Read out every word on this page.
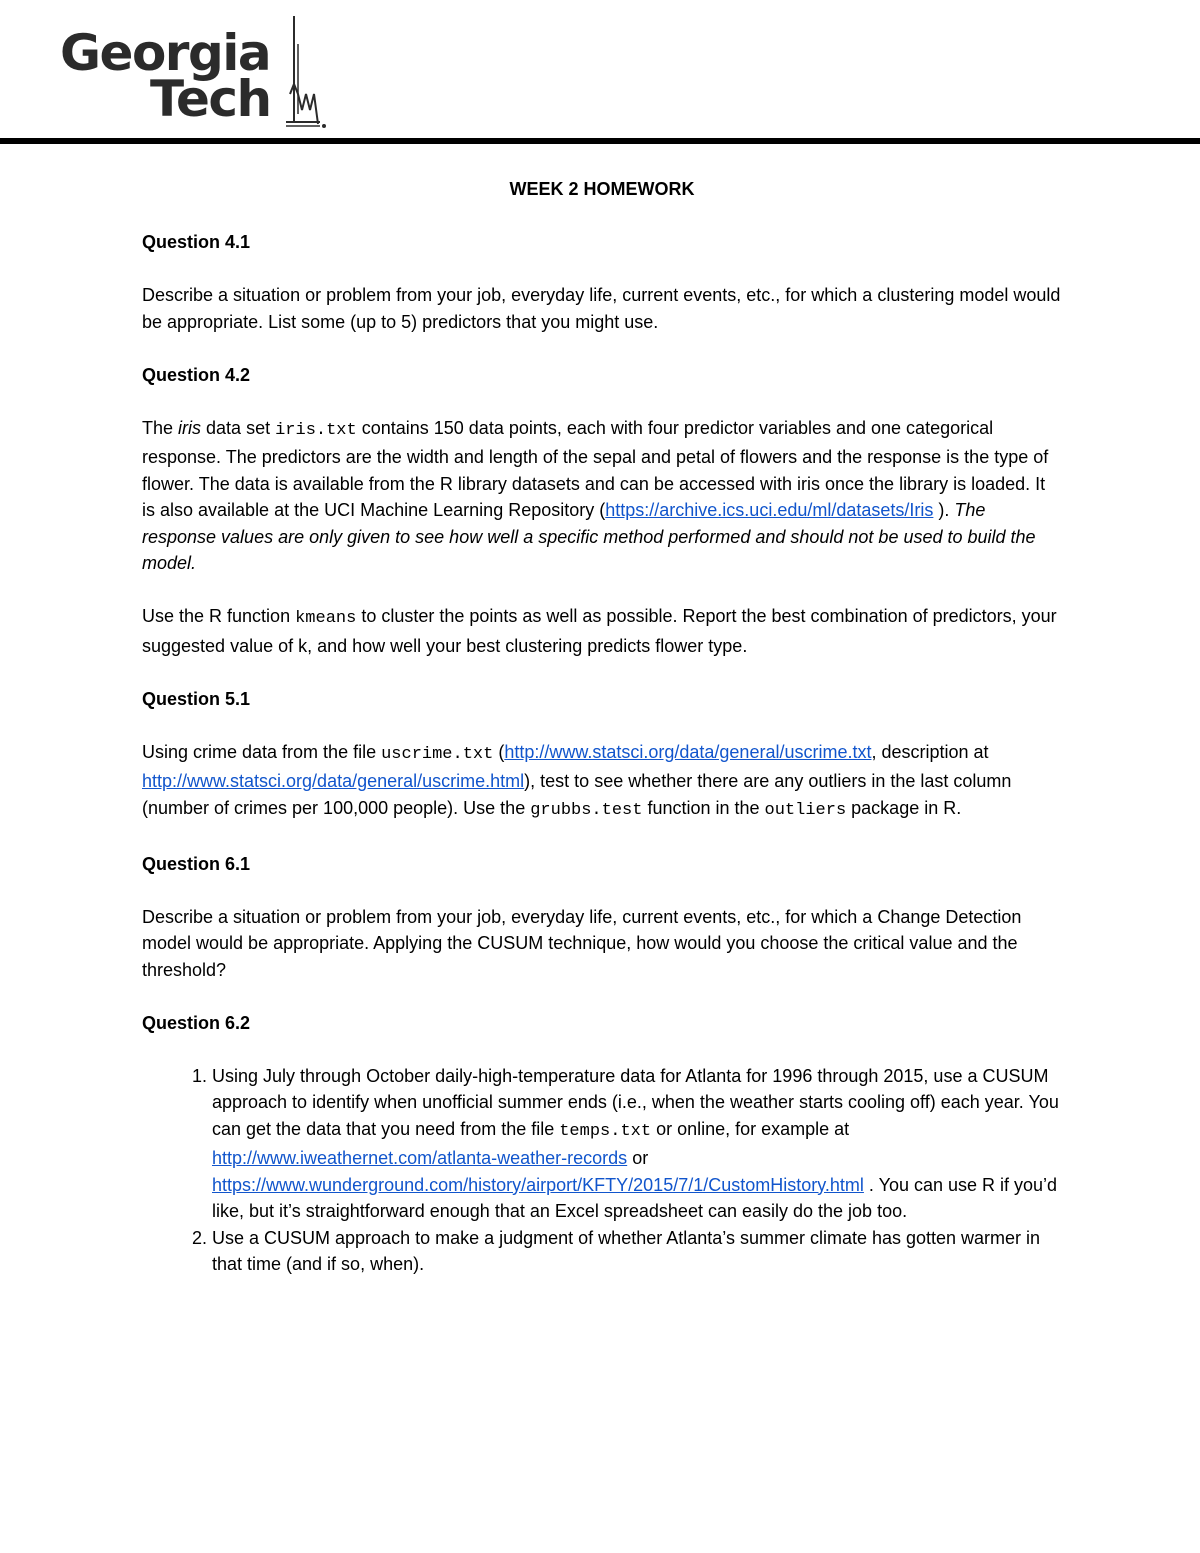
Georgia
Tech

WEEK 2 HOMEWORK

Question 4.1

Describe a situation or problem from your job, everyday life, current events, etc., for which a clustering model would be appropriate. List some (up to 5) predictors that you might use.

Question 4.2

The iris data set iris.txt contains 150 data points, each with four predictor variables and one categorical response. The predictors are the width and length of the sepal and petal of flowers and the response is the type of flower. The data is available from the R library datasets and can be accessed with iris once the library is loaded. It is also available at the UCI Machine Learning Repository (https://archive.ics.uci.edu/ml/datasets/Iris ). The response values are only given to see how well a specific method performed and should not be used to build the model.

Use the R function kmeans to cluster the points as well as possible. Report the best combination of predictors, your suggested value of k, and how well your best clustering predicts flower type.

Question 5.1

Using crime data from the file uscrime.txt (http://www.statsci.org/data/general/uscrime.txt, description at http://www.statsci.org/data/general/uscrime.html), test to see whether there are any outliers in the last column (number of crimes per 100,000 people). Use the grubbs.test function in the outliers package in R.

Question 6.1

Describe a situation or problem from your job, everyday life, current events, etc., for which a Change Detection model would be appropriate. Applying the CUSUM technique, how would you choose the critical value and the threshold?

Question 6.2

1. Using July through October daily-high-temperature data for Atlanta for 1996 through 2015, use a CUSUM approach to identify when unofficial summer ends (i.e., when the weather starts cooling off) each year. You can get the data that you need from the file temps.txt or online, for example at http://www.iweathernet.com/atlanta-weather-records or https://www.wunderground.com/history/airport/KFTY/2015/7/1/CustomHistory.html . You can use R if you’d like, but it’s straightforward enough that an Excel spreadsheet can easily do the job too.
2. Use a CUSUM approach to make a judgment of whether Atlanta’s summer climate has gotten warmer in that time (and if so, when).
